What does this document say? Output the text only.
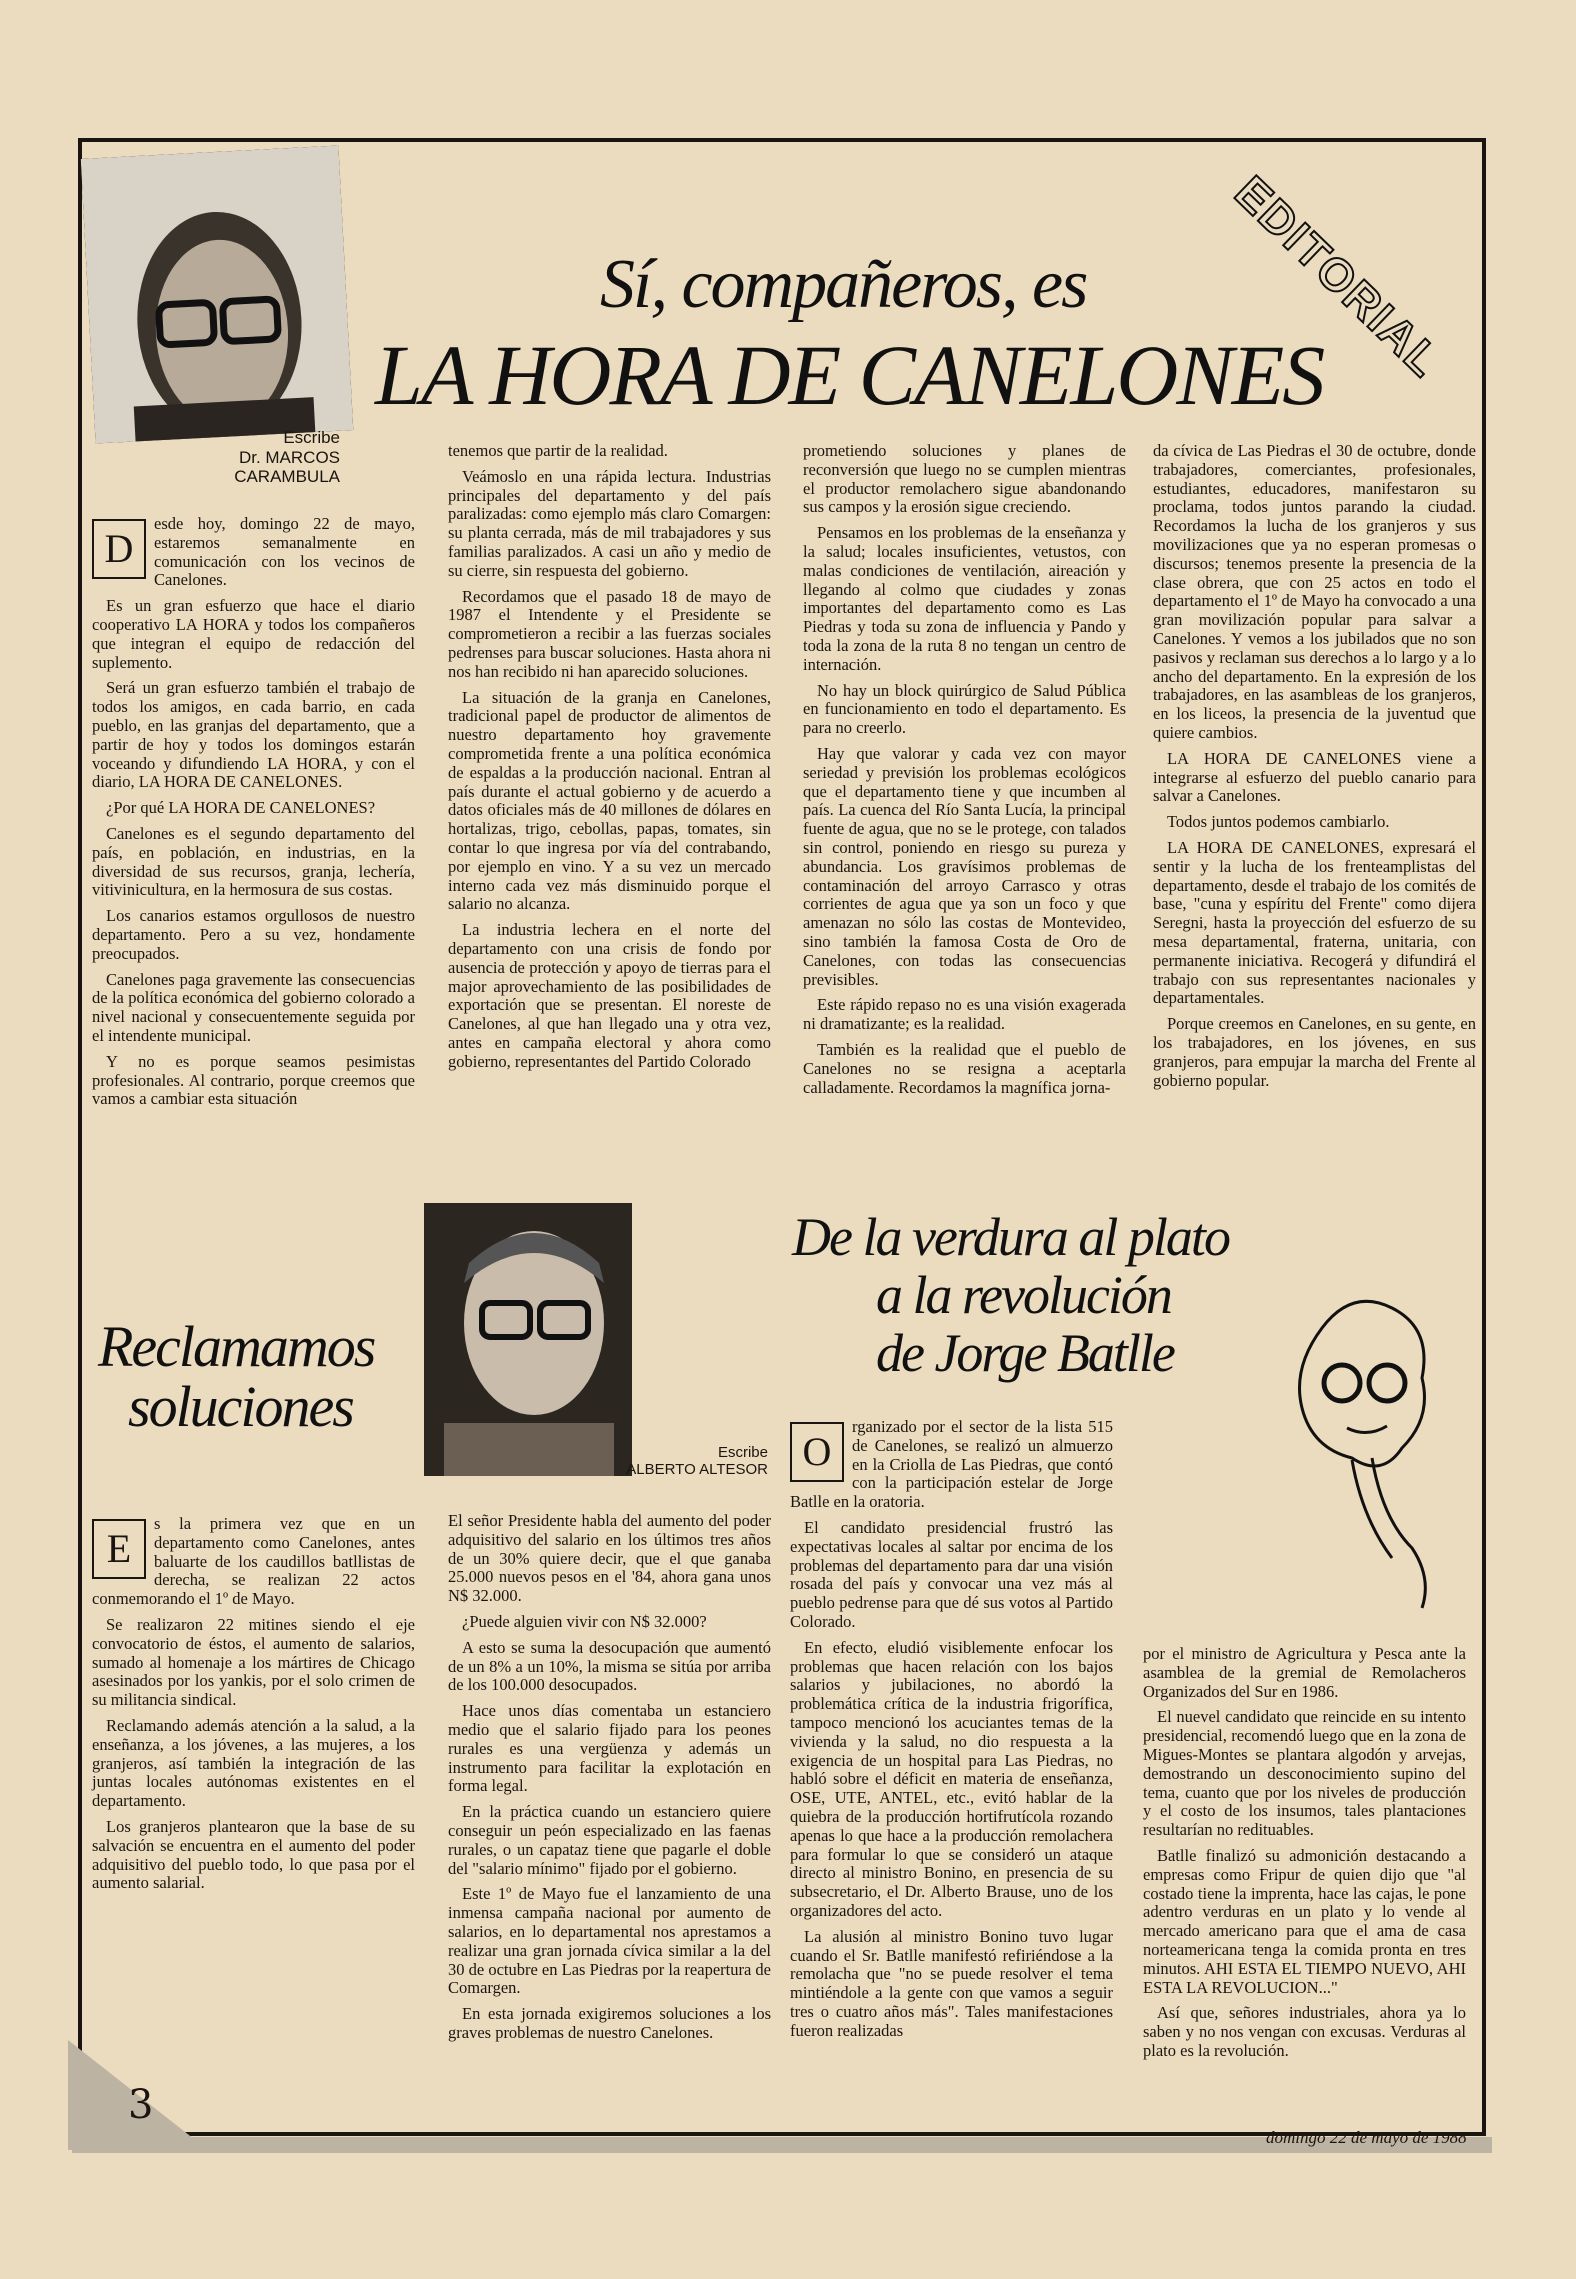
EDITORIAL
Escribe
Dr. MARCOS CARAMBULA
Sí, compañeros, es
LA HORA DE CANELONES
D

esde hoy, domingo 22 de mayo, estaremos semanalmente en comunicación con los vecinos de Canelones.

Es un gran esfuerzo que hace el diario cooperativo LA HORA y todos los compañeros que integran el equipo de redacción del suplemento.

Será un gran esfuerzo también el trabajo de todos los amigos, en cada barrio, en cada pueblo, en las granjas del departamento, que a partir de hoy y todos los domingos estarán voceando y difundiendo LA HORA, y con el diario, LA HORA DE CANELONES.

¿Por qué LA HORA DE CANELONES?

Canelones es el segundo departamento del país, en población, en industrias, en la diversidad de sus recursos, granja, lechería, vitivinicultura, en la hermosura de sus costas.

Los canarios estamos orgullosos de nuestro departamento. Pero a su vez, hondamente preocupados.

Canelones paga gravemente las consecuencias de la política económica del gobierno colorado a nivel nacional y consecuentemente seguida por el intendente municipal.

Y no es porque seamos pesimistas profesionales. Al contrario, porque creemos que vamos a cambiar esta situación

tenemos que partir de la realidad.

Veámoslo en una rápida lectura. Industrias principales del departamento y del país paralizadas: como ejemplo más claro Comargen: su planta cerrada, más de mil trabajadores y sus familias paralizados. A casi un año y medio de su cierre, sin respuesta del gobierno.

Recordamos que el pasado 18 de mayo de 1987 el Intendente y el Presidente se comprometieron a recibir a las fuerzas sociales pedrenses para buscar soluciones. Hasta ahora ni nos han recibido ni han aparecido soluciones.

La situación de la granja en Canelones, tradicional papel de productor de alimentos de nuestro departamento hoy gravemente comprometida frente a una política económica de espaldas a la producción nacional. Entran al país durante el actual gobierno y de acuerdo a datos oficiales más de 40 millones de dólares en hortalizas, trigo, cebollas, papas, tomates, sin contar lo que ingresa por vía del contrabando, por ejemplo en vino. Y a su vez un mercado interno cada vez más disminuido porque el salario no alcanza.

La industria lechera en el norte del departamento con una crisis de fondo por ausencia de protección y apoyo de tierras para el major aprovechamiento de las posibilidades de exportación que se presentan. El noreste de Canelones, al que han llegado una y otra vez, antes en campaña electoral y ahora como gobierno, representantes del Partido Colorado

prometiendo soluciones y planes de reconversión que luego no se cumplen mientras el productor remolachero sigue abandonando sus campos y la erosión sigue creciendo.

Pensamos en los problemas de la enseñanza y la salud; locales insuficientes, vetustos, con malas condiciones de ventilación, aireación y llegando al colmo que ciudades y zonas importantes del departamento como es Las Piedras y toda su zona de influencia y Pando y toda la zona de la ruta 8 no tengan un centro de internación.

No hay un block quirúrgico de Salud Pública en funcionamiento en todo el departamento. Es para no creerlo.

Hay que valorar y cada vez con mayor seriedad y previsión los problemas ecológicos que el departamento tiene y que incumben al país. La cuenca del Río Santa Lucía, la principal fuente de agua, que no se le protege, con talados sin control, poniendo en riesgo su pureza y abundancia. Los gravísimos problemas de contaminación del arroyo Carrasco y otras corrientes de agua que ya son un foco y que amenazan no sólo las costas de Montevideo, sino también la famosa Costa de Oro de Canelones, con todas las consecuencias previsibles.

Este rápido repaso no es una visión exagerada ni dramatizante; es la realidad.

También es la realidad que el pueblo de Canelones no se resigna a aceptarla calladamente. Recordamos la magnífica jorna-

da cívica de Las Piedras el 30 de octubre, donde trabajadores, comerciantes, profesionales, estudiantes, educadores, manifestaron su proclama, todos juntos parando la ciudad. Recordamos la lucha de los granjeros y sus movilizaciones que ya no esperan promesas o discursos; tenemos presente la presencia de la clase obrera, que con 25 actos en todo el departamento el 1º de Mayo ha convocado a una gran movilización popular para salvar a Canelones. Y vemos a los jubilados que no son pasivos y reclaman sus derechos a lo largo y a lo ancho del departamento. En la expresión de los trabajadores, en las asambleas de los granjeros, en los liceos, la presencia de la juventud que quiere cambios.

LA HORA DE CANELONES viene a integrarse al esfuerzo del pueblo canario para salvar a Canelones.

Todos juntos podemos cambiarlo.

LA HORA DE CANELONES, expresará el sentir y la lucha de los frenteamplistas del departamento, desde el trabajo de los comités de base, "cuna y espíritu del Frente" como dijera Seregni, hasta la proyección del esfuerzo de su mesa departamental, fraterna, unitaria, con permanente iniciativa. Recogerá y difundirá el trabajo con sus representantes nacionales y departamentales.

Porque creemos en Canelones, en su gente, en los trabajadores, en los jóvenes, en sus granjeros, para empujar la marcha del Frente al gobierno popular.

Reclamamos
soluciones
Escribe
ALBERTO ALTESOR
E

s la primera vez que en un departamento como Canelones, antes baluarte de los caudillos batllistas de derecha, se realizan 22 actos conmemorando el 1º de Mayo.

Se realizaron 22 mitines siendo el eje convocatorio de éstos, el aumento de salarios, sumado al homenaje a los mártires de Chicago asesinados por los yankis, por el solo crimen de su militancia sindical.

Reclamando además atención a la salud, a la enseñanza, a los jóvenes, a las mujeres, a los granjeros, así también la integración de las juntas locales autónomas existentes en el departamento.

Los granjeros plantearon que la base de su salvación se encuentra en el aumento del poder adquisitivo del pueblo todo, lo que pasa por el aumento salarial.

El señor Presidente habla del aumento del poder adquisitivo del salario en los últimos tres años de un 30% quiere decir, que el que ganaba 25.000 nuevos pesos en el '84, ahora gana unos N$ 32.000.

¿Puede alguien vivir con N$ 32.000?

A esto se suma la desocupación que aumentó de un 8% a un 10%, la misma se sitúa por arriba de los 100.000 desocupados.

Hace unos días comentaba un estanciero medio que el salario fijado para los peones rurales es una vergüenza y además un instrumento para facilitar la explotación en forma legal.

En la práctica cuando un estanciero quiere conseguir un peón especializado en las faenas rurales, o un capataz tiene que pagarle el doble del "salario mínimo" fijado por el gobierno.

Este 1º de Mayo fue el lanzamiento de una inmensa campaña nacional por aumento de salarios, en lo departamental nos aprestamos a realizar una gran jornada cívica similar a la del 30 de octubre en Las Piedras por la reapertura de Comargen.

En esta jornada exigiremos soluciones a los graves problemas de nuestro Canelones.

De la verdura al plato
a la revolución
de Jorge Batlle
O

rganizado por el sector de la lista 515 de Canelones, se realizó un almuerzo en la Criolla de Las Piedras, que contó con la participación estelar de Jorge Batlle en la oratoria.

El candidato presidencial frustró las expectativas locales al saltar por encima de los problemas del departamento para dar una visión rosada del país y convocar una vez más al pueblo pedrense para que dé sus votos al Partido Colorado.

En efecto, eludió visiblemente enfocar los problemas que hacen relación con los bajos salarios y jubilaciones, no abordó la problemática crítica de la industria frigorífica, tampoco mencionó los acuciantes temas de la vivienda y la salud, no dio respuesta a la exigencia de un hospital para Las Piedras, no habló sobre el déficit en materia de enseñanza, OSE, UTE, ANTEL, etc., evitó hablar de la quiebra de la producción hortifrutícola rozando apenas lo que hace a la producción remolachera para formular lo que se consideró un ataque directo al ministro Bonino, en presencia de su subsecretario, el Dr. Alberto Brause, uno de los organizadores del acto.

La alusión al ministro Bonino tuvo lugar cuando el Sr. Batlle manifestó refiriéndose a la remolacha que "no se puede resolver el tema mintiéndole a la gente con que vamos a seguir tres o cuatro años más". Tales manifestaciones fueron realizadas

por el ministro de Agricultura y Pesca ante la asamblea de la gremial de Remolacheros Organizados del Sur en 1986.

El nuevel candidato que reincide en su intento presidencial, recomendó luego que en la zona de Migues-Montes se plantara algodón y arvejas, demostrando un desconocimiento supino del tema, cuanto que por los niveles de producción y el costo de los insumos, tales plantaciones resultarían no redituables.

Batlle finalizó su admonición destacando a empresas como Fripur de quien dijo que "al costado tiene la imprenta, hace las cajas, le pone adentro verduras en un plato y lo vende al mercado americano para que el ama de casa norteamericana tenga la comida pronta en tres minutos. AHI ESTA EL TIEMPO NUEVO, AHI ESTA LA REVOLUCION..."

Así que, señores industriales, ahora ya lo saben y no nos vengan con excusas. Verduras al plato es la revolución.

3
domingo 22 de mayo de 1988
